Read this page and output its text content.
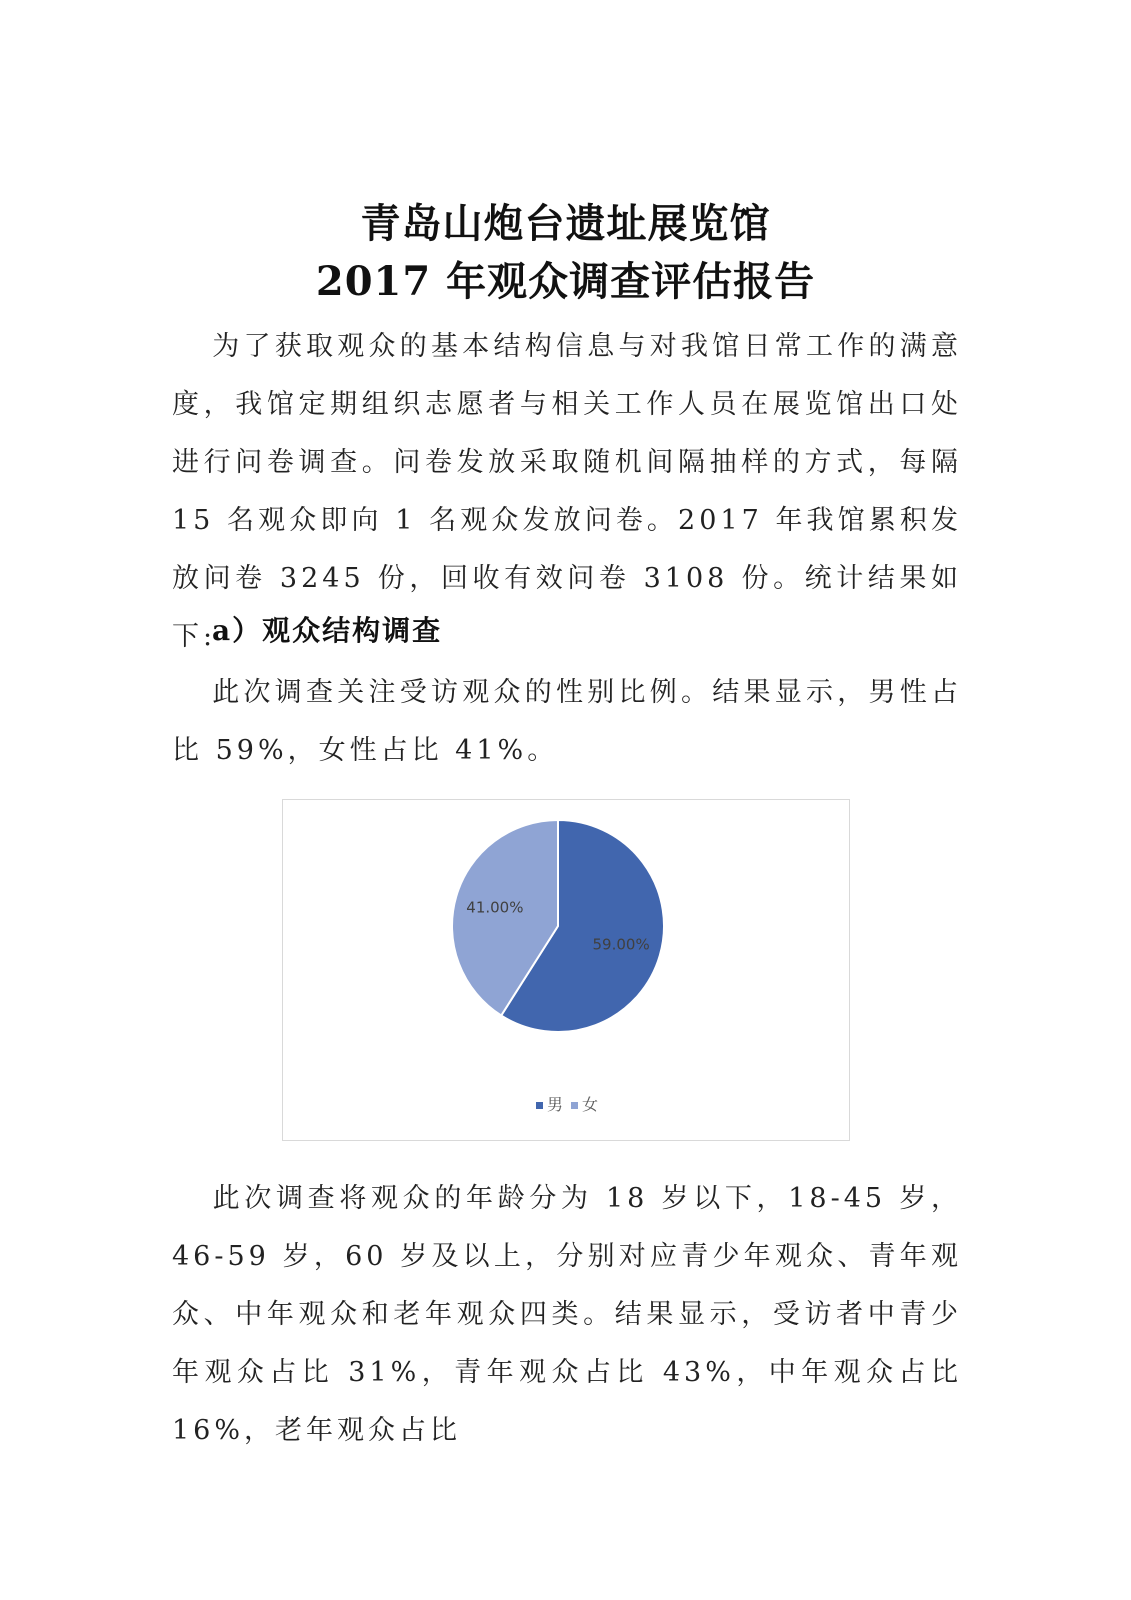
青岛山炮台遗址展览馆
2017 年观众调查评估报告

为了获取观众的基本结构信息与对我馆日常工作的满意度，我馆定期组织志愿者与相关工作人员在展览馆出口处进行问卷调查。问卷发放采取随机间隔抽样的方式，每隔 15 名观众即向 1 名观众发放问卷。2017 年我馆累积发放问卷 3245 份，回收有效问卷 3108 份。统计结果如下:

a）观众结构调查

此次调查关注受访观众的性别比例。结果显示，男性占比 59%，女性占比 41%。

59.00%
41.00%
男 女

此次调查将观众的年龄分为 18 岁以下，18-45 岁，46-59 岁，60 岁及以上，分别对应青少年观众、青年观众、中年观众和老年观众四类。结果显示，受访者中青少年观众占比 31%，青年观众占比 43%，中年观众占比 16%，老年观众占比
